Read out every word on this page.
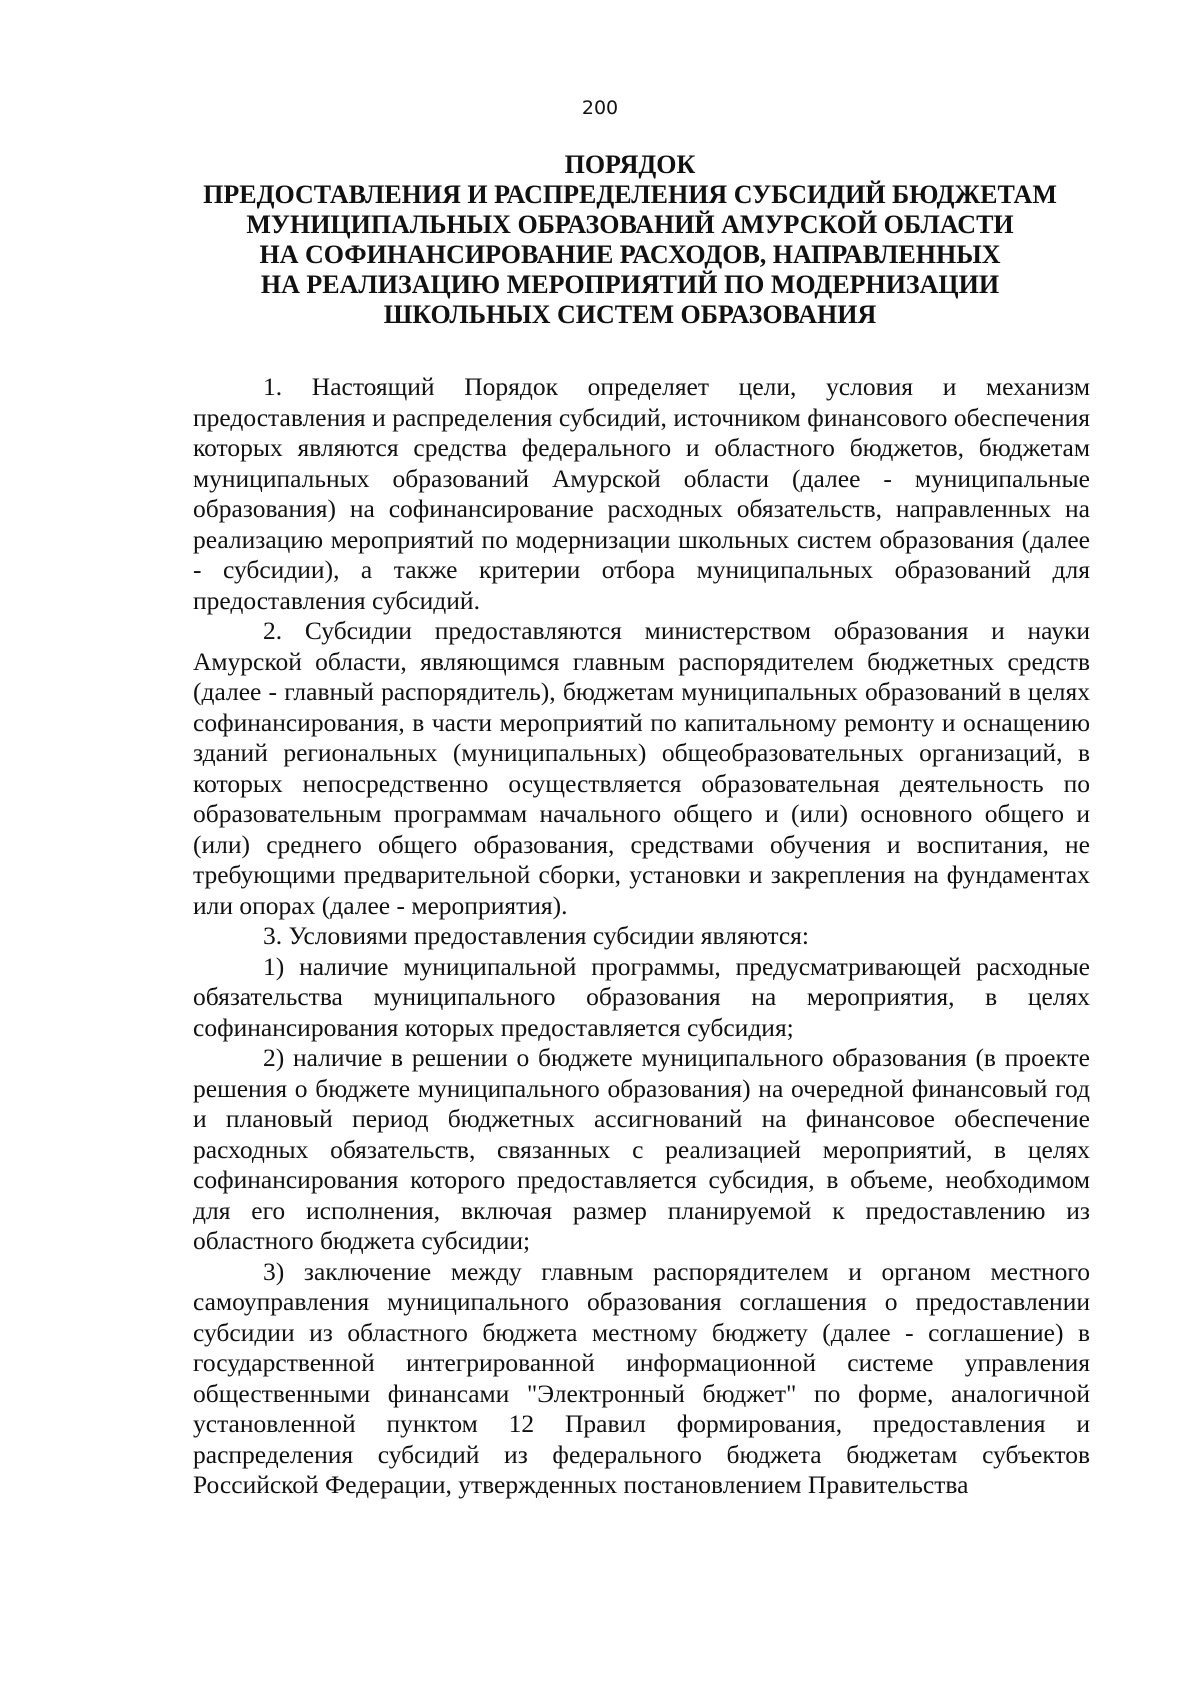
200
ПОРЯДОК
ПРЕДОСТАВЛЕНИЯ И РАСПРЕДЕЛЕНИЯ СУБСИДИЙ БЮДЖЕТАМ
МУНИЦИПАЛЬНЫХ ОБРАЗОВАНИЙ АМУРСКОЙ ОБЛАСТИ
НА СОФИНАНСИРОВАНИЕ РАСХОДОВ, НАПРАВЛЕННЫХ
НА РЕАЛИЗАЦИЮ МЕРОПРИЯТИЙ ПО МОДЕРНИЗАЦИИ
ШКОЛЬНЫХ СИСТЕМ ОБРАЗОВАНИЯ

1. Настоящий Порядок определяет цели, условия и механизм предоставления и распределения субсидий, источником финансового обеспечения которых являются средства федерального и областного бюджетов, бюджетам муниципальных образований Амурской области (далее - муниципальные образования) на софинансирование расходных обязательств, направленных на реализацию мероприятий по модернизации школьных систем образования (далее - субсидии), а также критерии отбора муниципальных образований для предоставления субсидий.

2. Субсидии предоставляются министерством образования и науки Амурской области, являющимся главным распорядителем бюджетных средств (далее - главный распорядитель), бюджетам муниципальных образований в целях софинансирования, в части мероприятий по капитальному ремонту и оснащению зданий региональных (муниципальных) общеобразовательных организаций, в которых непосредственно осуществляется образовательная деятельность по образовательным программам начального общего и (или) основного общего и (или) среднего общего образования, средствами обучения и воспитания, не требующими предварительной сборки, установки и закрепления на фундаментах или опорах (далее - мероприятия).

3. Условиями предоставления субсидии являются:

1) наличие муниципальной программы, предусматривающей расходные обязательства муниципального образования на мероприятия, в целях софинансирования которых предоставляется субсидия;

2) наличие в решении о бюджете муниципального образования (в проекте решения о бюджете муниципального образования) на очередной финансовый год и плановый период бюджетных ассигнований на финансовое обеспечение расходных обязательств, связанных с реализацией мероприятий, в целях софинансирования которого предоставляется субсидия, в объеме, необходимом для его исполнения, включая размер планируемой к предоставлению из областного бюджета субсидии;

3) заключение между главным распорядителем и органом местного самоуправления муниципального образования соглашения о предоставлении субсидии из областного бюджета местному бюджету (далее - соглашение) в государственной интегрированной информационной системе управления общественными финансами "Электронный бюджет" по форме, аналогичной установленной пунктом 12 Правил формирования, предоставления и распределения субсидий из федерального бюджета бюджетам субъектов Российской Федерации, утвержденных постановлением Правительства
